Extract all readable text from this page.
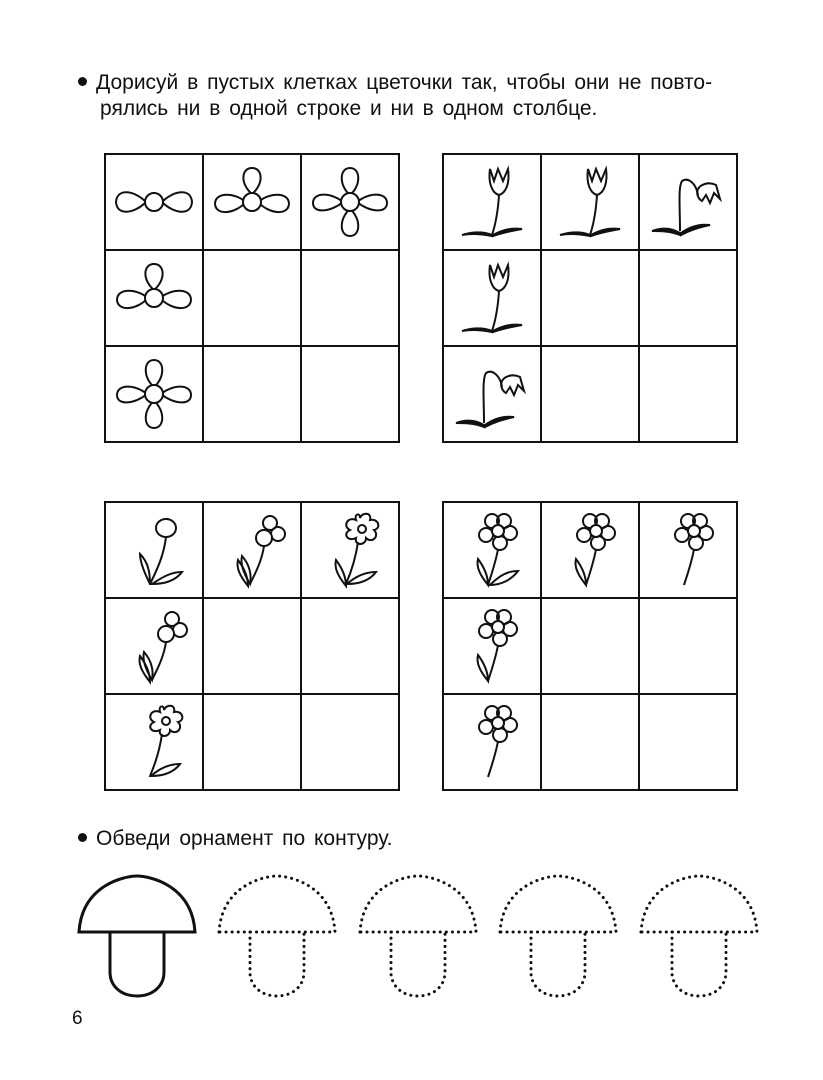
Дорисуй в пустых клетках цветочки так, чтобы они не повто-
рялись ни в одной строке и ни в одном столбце.

Обведи орнамент по контуру.

6
